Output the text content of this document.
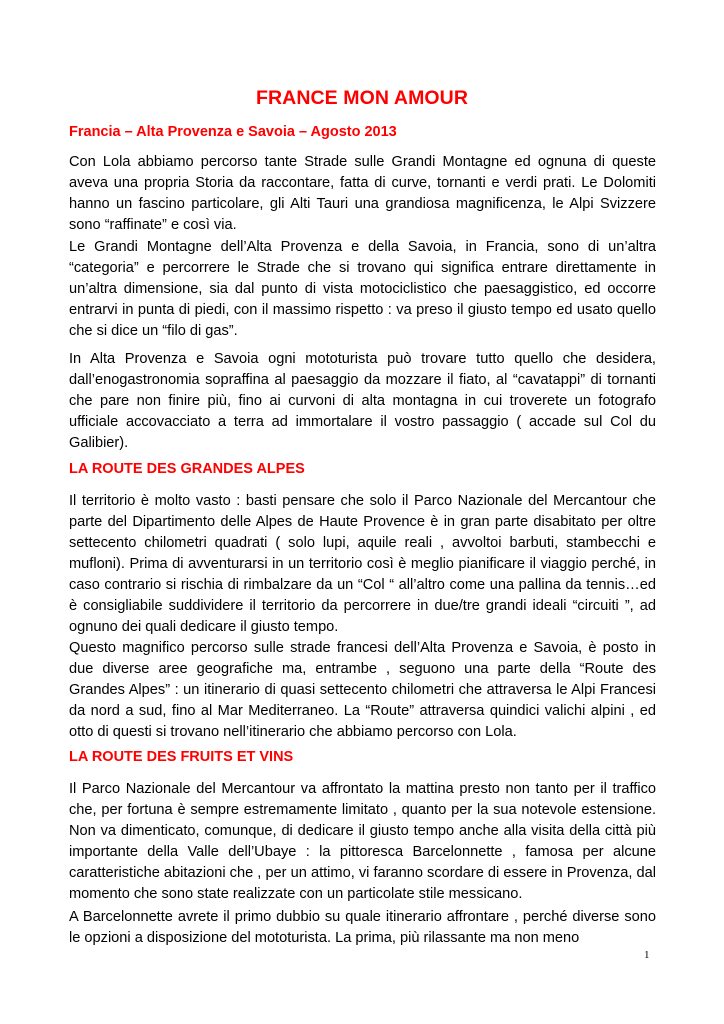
FRANCE MON AMOUR

Francia – Alta Provenza e Savoia – Agosto 2013

Con Lola abbiamo percorso tante Strade sulle Grandi Montagne ed ognuna di queste aveva una propria Storia da raccontare, fatta di curve, tornanti e verdi prati. Le Dolomiti hanno un fascino particolare, gli Alti Tauri una grandiosa magnificenza, le Alpi Svizzere sono “raffinate” e così via.

Le Grandi Montagne dell’Alta Provenza e della Savoia, in Francia, sono di un’altra “categoria” e percorrere le Strade che si trovano qui significa entrare direttamente in un’altra dimensione, sia dal punto di vista motociclistico che paesaggistico, ed occorre entrarvi in punta di piedi, con il massimo rispetto : va preso il giusto tempo ed usato quello che si dice un “filo di gas”.

In Alta Provenza e Savoia ogni mototurista può trovare tutto quello che desidera, dall’enogastronomia sopraffina al paesaggio da mozzare il fiato, al “cavatappi” di tornanti che pare non finire più, fino ai curvoni di alta montagna in cui troverete un fotografo ufficiale accovacciato a terra ad immortalare il vostro passaggio ( accade sul Col du Galibier).

LA ROUTE DES GRANDES ALPES

Il territorio è molto vasto : basti pensare che solo il Parco Nazionale del Mercantour che parte del Dipartimento delle Alpes de Haute Provence è in gran parte disabitato per oltre settecento chilometri quadrati ( solo lupi, aquile reali , avvoltoi barbuti, stambecchi e mufloni). Prima di avventurarsi in un territorio così è meglio pianificare il viaggio perché, in caso contrario si rischia di rimbalzare da un “Col “ all’altro come una pallina da tennis…ed è consigliabile suddividere il territorio da percorrere in due/tre grandi ideali “circuiti ”, ad ognuno dei quali dedicare il giusto tempo.

Questo magnifico percorso sulle strade francesi dell’Alta Provenza e Savoia, è posto in due diverse aree geografiche ma, entrambe , seguono una parte della “Route des Grandes Alpes” : un itinerario di quasi settecento chilometri che attraversa le Alpi Francesi da nord a sud, fino al Mar Mediterraneo. La “Route” attraversa quindici valichi alpini , ed otto di questi si trovano nell’itinerario che abbiamo percorso con Lola.

LA ROUTE DES FRUITS ET VINS

Il Parco Nazionale del Mercantour va affrontato la mattina presto non tanto per il traffico che, per fortuna è sempre estremamente limitato , quanto per la sua notevole estensione. Non va dimenticato, comunque, di dedicare il giusto tempo anche alla visita della città più importante della Valle dell’Ubaye : la pittoresca Barcelonnette , famosa per alcune caratteristiche abitazioni che , per un attimo, vi faranno scordare di essere in Provenza, dal momento che sono state realizzate con un particolate stile messicano.

A Barcelonnette avrete il primo dubbio su quale itinerario affrontare , perché diverse sono le opzioni a disposizione del mototurista. La prima, più rilassante ma non meno

1
